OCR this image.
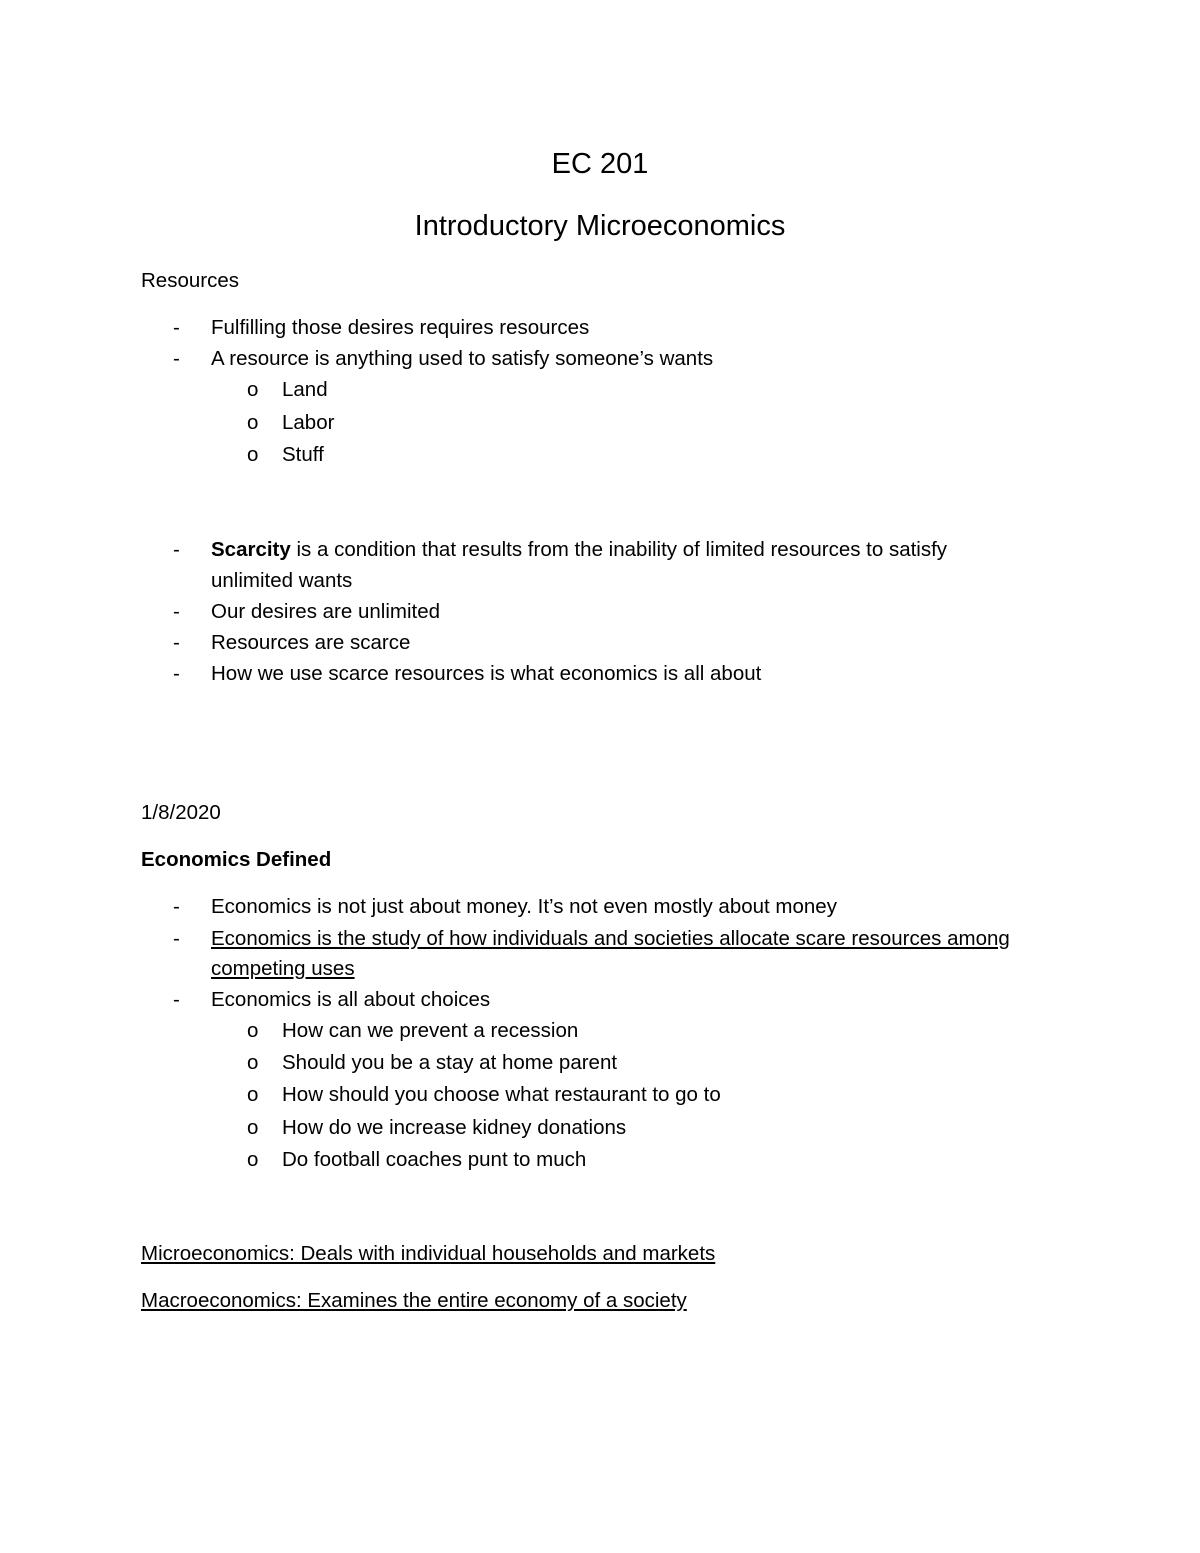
EC 201
Introductory Microeconomics
Resources
- Fulfilling those desires requires resources
- A resource is anything used to satisfy someone’s wants
o Land
o Labor
o Stuff
- Scarcity is a condition that results from the inability of limited resources to satisfy
unlimited wants
- Our desires are unlimited
- Resources are scarce
- How we use scarce resources is what economics is all about
1/8/2020
Economics Defined
- Economics is not just about money. It’s not even mostly about money
- Economics is the study of how individuals and societies allocate scare resources among
competing uses
- Economics is all about choices
o How can we prevent a recession
o Should you be a stay at home parent
o How should you choose what restaurant to go to
o How do we increase kidney donations
o Do football coaches punt to much
Microeconomics: Deals with individual households and markets
Macroeconomics: Examines the entire economy of a society
